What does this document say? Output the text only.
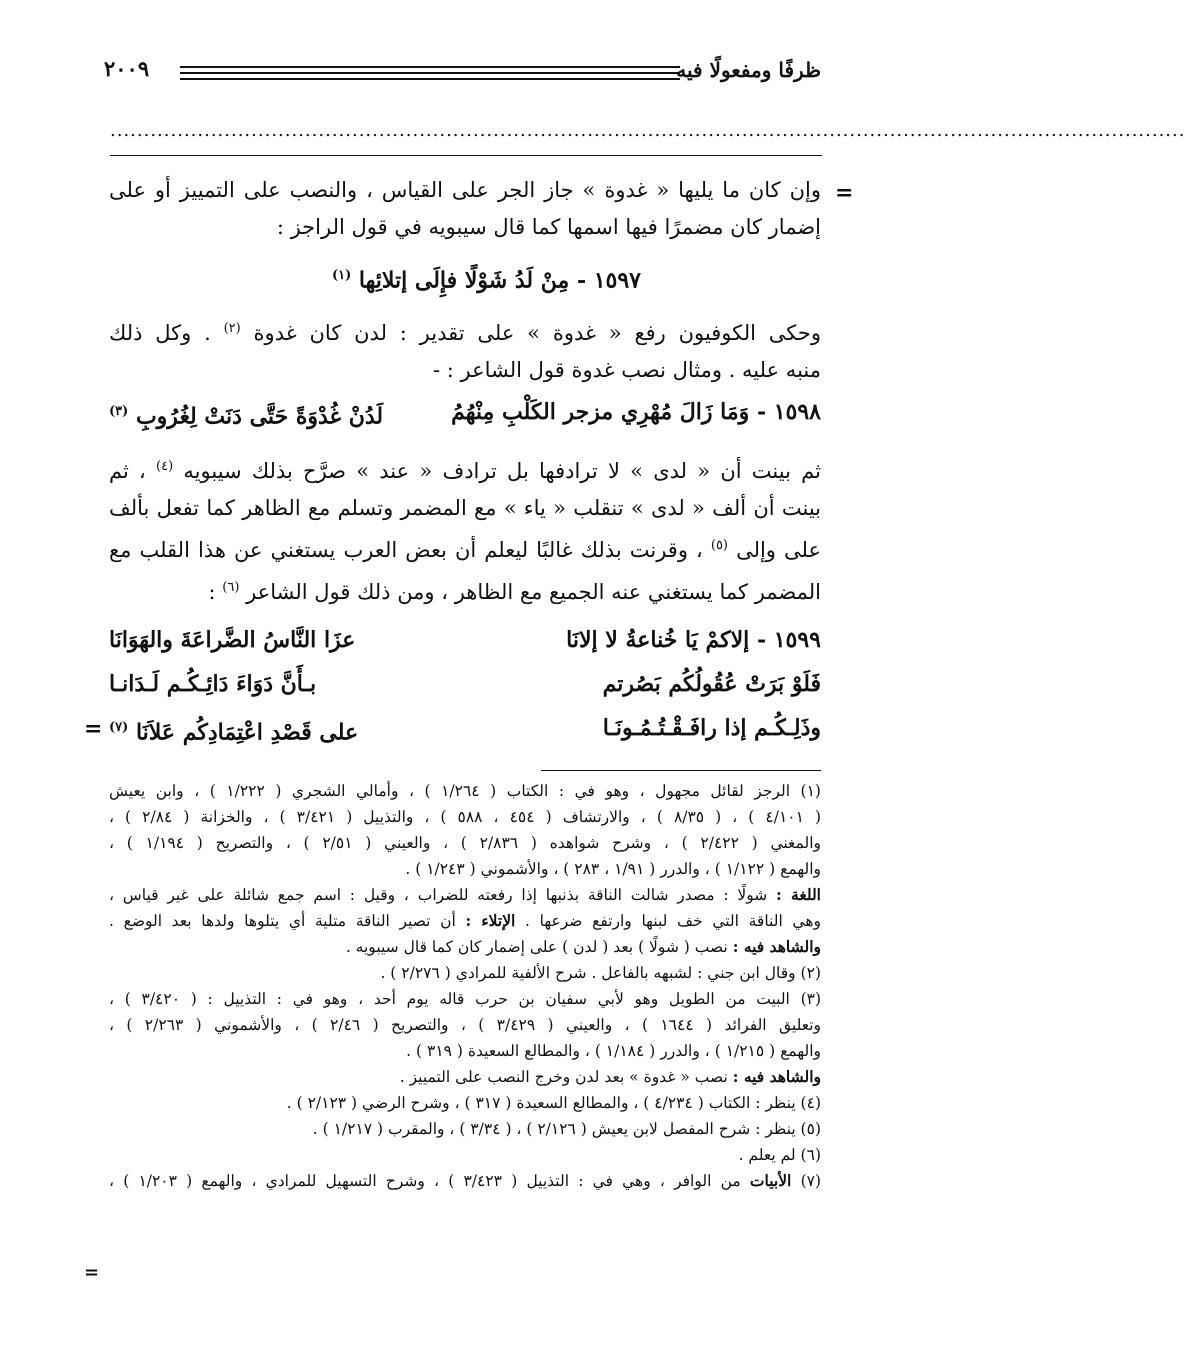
ظرفًا ومفعولًا فيه
٢٠٠٩
................................................................................................................................................................
=
وإن كان ما يليها « غدوة » جاز الجر على القياس ، والنصب على التمييز أو على
إضمار كان مضمرًا فيها اسمها كما قال سيبويه في قول الراجز :
١٥٩٧ - مِنْ لَدُ شَوْلًا فإِلَى إتلائِها $^{(١)}$
وحكى الكوفيون رفع « غدوة » على تقدير : لدن كان غدوة $^{(٢)}$ . وكل ذلك
منبه عليه . ومثال نصب غدوة قول الشاعر : -
١٥٩٨ - وَمَا زَالَ مُهْرِي مزجر الكَلْبِ مِنْهُمُ
لَدُنْ غُدْوَةً حَتَّى دَنَتْ لِغُرُوبِ $^{(٣)}$
ثم بينت أن « لدى » لا ترادفها بل ترادف « عند » صرَّح بذلك سيبويه $^{(٤)}$ ، ثم
بينت أن ألف « لدى » تنقلب « ياء » مع المضمر وتسلم مع الظاهر كما تفعل بألف
على وإلى $^{(٥)}$ ، وقرنت بذلك غالبًا ليعلم أن بعض العرب يستغني عن هذا القلب مع
المضمر كما يستغني عنه الجميع مع الظاهر ، ومن ذلك قول الشاعر $^{(٦)}$ :
١٥٩٩ - إلاكمْ يَا خُناعةُ لا إلانَا
عزَا النَّاسُ الضَّراعَةَ والهَوَانَا
فَلَوْ بَرَتْ عُقُولُكُم بَصُرتم
بـأَنَّ دَوَاءَ دَائِـكُـم لَـدَانـا
وذَلِـكُـم إذا رافَـقْـتُـمُـونَـا
على قَصْدِ اعْتِمَادِكُم عَلاَنَا $^{(٧)}$
=
(١) الرجز لقائل مجهول ، وهو في : الكتاب ( ١/٢٦٤ ) ، وأمالي الشجري ( ١/٢٢٢ ) ، وابن يعيش
( ٤/١٠١ ) ، ( ٨/٣٥ ) ، والارتشاف ( ٤٥٤ ، ٥٨٨ ) ، والتذييل ( ٣/٤٢١ ) ، والخزانة ( ٢/٨٤ ) ،
والمغني ( ٢/٤٢٢ ) ، وشرح شواهده ( ٢/٨٣٦ ) ، والعيني ( ٢/٥١ ) ، والتصريح ( ١/١٩٤ ) ،
والهمع ( ١/١٢٢ ) ، والدرر ( ١/٩١ ، ٢٨٣ ) ، والأشموني ( ١/٢٤٣ ) .
اللغة : شولًا : مصدر شالت الناقة بذنبها إذا رفعته للضراب ، وقيل : اسم جمع شائلة على غير قياس ،
وهي الناقة التي خف لبنها وارتفع ضرعها . الإتلاء : أن تصير الناقة متلية أي يتلوها ولدها بعد الوضع .
والشاهد فيه : نصب ( شولًا ) بعد ( لدن ) على إضمار كان كما قال سيبويه .
(٢) وقال ابن جني : لشبهه بالفاعل . شرح الألفية للمرادي ( ٢/٢٧٦ ) .
(٣) البيت من الطويل وهو لأبي سفيان بن حرب قاله يوم أحد ، وهو في : التذييل : ( ٣/٤٢٠ ) ،
وتعليق الفرائد ( ١٦٤٤ ) ، والعيني ( ٣/٤٢٩ ) ، والتصريح ( ٢/٤٦ ) ، والأشموني ( ٢/٢٦٣ ) ،
والهمع ( ١/٢١٥ ) ، والدرر ( ١/١٨٤ ) ، والمطالع السعيدة ( ٣١٩ ) .
والشاهد فيه : نصب « غدوة » بعد لدن وخرج النصب على التمييز .
(٤) ينظر : الكتاب ( ٤/٢٣٤ ) ، والمطالع السعيدة ( ٣١٧ ) ، وشرح الرضي ( ٢/١٢٣ ) .
(٥) ينظر : شرح المفصل لابن يعيش ( ٢/١٢٦ ) ، ( ٣/٣٤ ) ، والمقرب ( ١/٢١٧ ) .
(٦) لم يعلم .
(٧) الأبيات من الوافر ، وهي في : التذييل ( ٣/٤٢٣ ) ، وشرح التسهيل للمرادي ، والهمع ( ١/٢٠٣ ) ،
=
